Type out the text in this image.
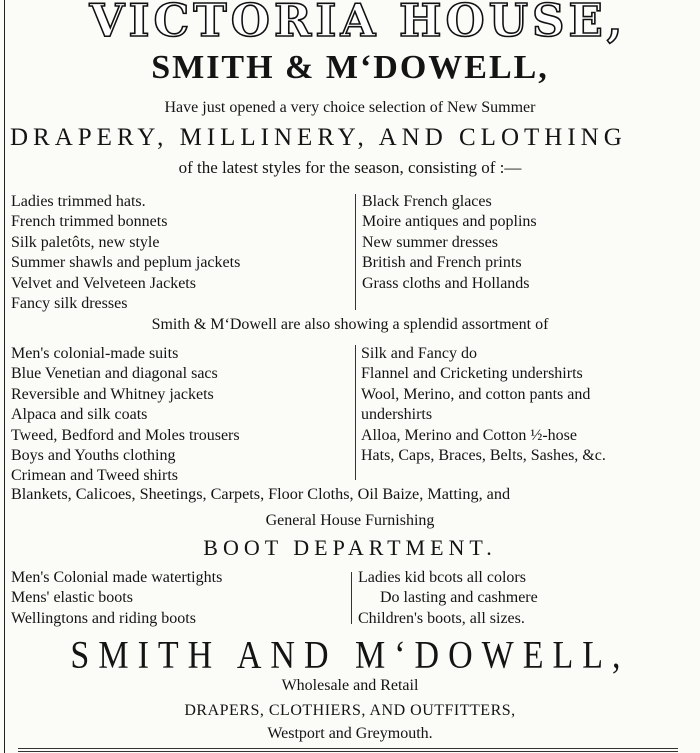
VICTORIA HOUSE,
SMITH & M‘DOWELL,
Have just opened a very choice selection of New Summer
DRAPERY, MILLINERY, AND CLOTHING
of the latest styles for the season, consisting of :—
Ladies trimmed hats.
French trimmed bonnets
Silk paletôts, new style
Summer shawls and peplum jackets
Velvet and Velveteen Jackets
Fancy silk dresses
Black French glaces
Moire antiques and poplins
New summer dresses
British and French prints
Grass cloths and Hollands
Smith & M‘Dowell are also showing a splendid assortment of
Men's colonial-made suits
Blue Venetian and diagonal sacs
Reversible and Whitney jackets
Alpaca and silk coats
Tweed, Bedford and Moles trousers
Boys and Youths clothing
Crimean and Tweed shirts
Silk and Fancy do
Flannel and Cricketing undershirts
Wool, Merino, and cotton pants and
undershirts
Alloa, Merino and Cotton ½-hose
Hats, Caps, Braces, Belts, Sashes, &c.
Blankets, Calicoes, Sheetings, Carpets, Floor Cloths, Oil Baize, Matting, and
General House Furnishing
BOOT DEPARTMENT.
Men's Colonial made watertights
Mens' elastic boots
Wellingtons and riding boots
Ladies kid bcots all colors
Do lasting and cashmere
Children's boots, all sizes.
SMITH AND M‘DOWELL,
Wholesale and Retail
DRAPERS, CLOTHIERS, AND OUTFITTERS,
Westport and Greymouth.
